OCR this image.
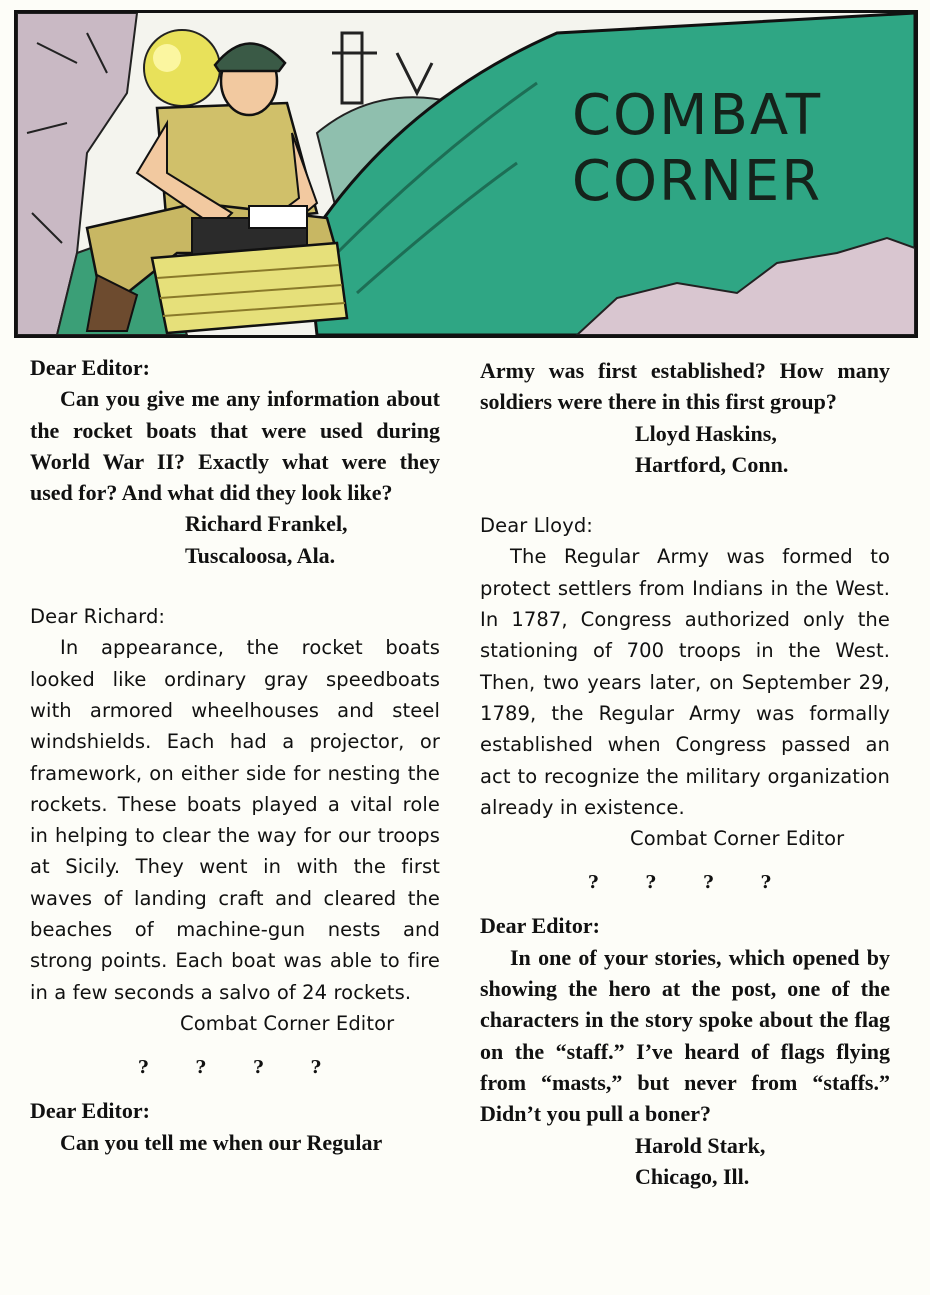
COMBAT
CORNER
Dear Editor:

Can you give me any information about the rocket boats that were used during World War II? Exactly what were they used for? And what did they look like?

Richard Frankel,
Tuscaloosa, Ala.
Dear Richard:

In appearance, the rocket boats looked like ordinary gray speedboats with armored wheelhouses and steel windshields. Each had a projector, or framework, on either side for nesting the rockets. These boats played a vital role in helping to clear the way for our troops at Sicily. They went in with the first waves of landing craft and cleared the beaches of machine-gun nests and strong points. Each boat was able to fire in a few seconds a salvo of 24 rockets.

Combat Corner Editor
?	?	?	?
Dear Editor:

Can you tell me when our Regular

Army was first established? How many soldiers were there in this first group?

Lloyd Haskins,
Hartford, Conn.
Dear Lloyd:

The Regular Army was formed to protect settlers from Indians in the West. In 1787, Congress authorized only the stationing of 700 troops in the West. Then, two years later, on September 29, 1789, the Regular Army was formally established when Congress passed an act to recognize the military organization already in existence.

Combat Corner Editor
?	?	?	?
Dear Editor:

In one of your stories, which opened by showing the hero at the post, one of the characters in the story spoke about the flag on the “staff.” I’ve heard of flags flying from “masts,” but never from “staffs.” Didn’t you pull a boner?

Harold Stark,
Chicago, Ill.
